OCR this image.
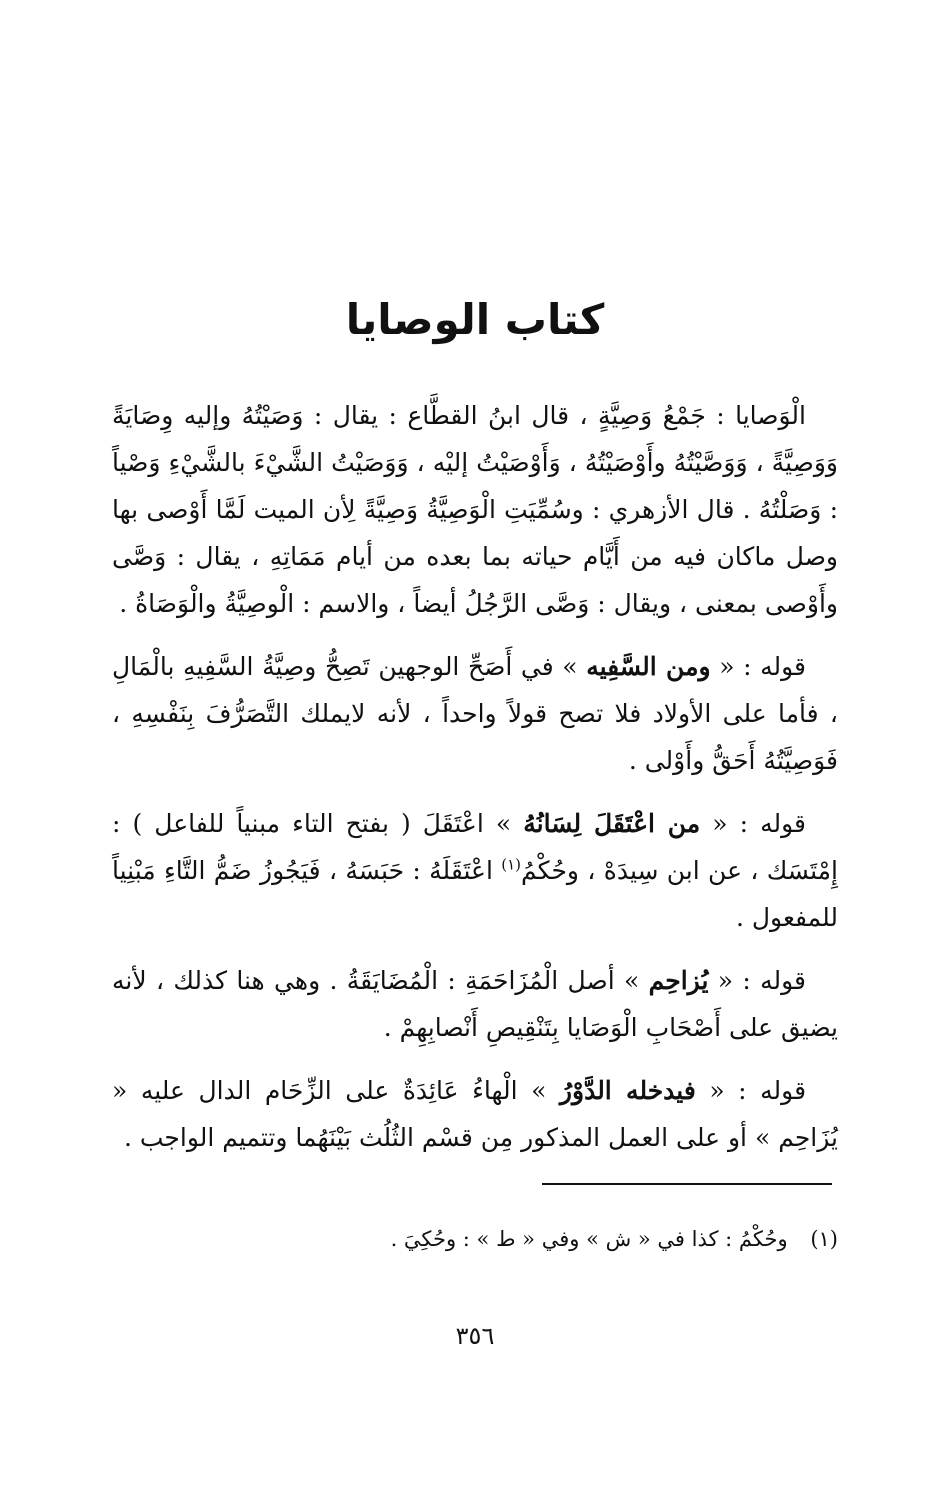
كتاب الوصايا

الْوَصايا : جَمْعُ وَصِيَّةٍ ، قال ابنُ القطَّاع : يقال : وَصَيْتُهُ وإليه وِصَايَةً وَوَصِيَّةً ، وَوَصَّيْتُهُ وأَوْصَيْتُهُ ، وَأَوْصَيْتُ إليْه ، وَوَصَيْتُ الشَّيْءَ بالشَّيْءِ وَصْياً : وَصَلْتُهُ . قال الأزهري : وسُمِّيَتِ الْوَصِيَّةُ وَصِيَّةً لِأن الميت لَمَّا أَوْصى بها وصل ماكان فيه من أَيَّام حياته بما بعده من أيام مَمَاتِهِ ، يقال : وَصَّى وأَوْصى بمعنى ، ويقال : وَصَّى الرَّجُلُ أيضاً ، والاسم : الْوصِيَّةُ والْوَصَاةُ .

قوله : « ومن السَّفِيه » في أَصَحِّ الوجهين تَصِحُّ وصِيَّةُ السَّفِيهِ بالْمَالِ ، فأما على الأولاد فلا تصح قولاً واحداً ، لأنه لايملك التَّصَرُّفَ بِنَفْسِهِ ، فَوَصِيَّتُهُ أَحَقُّ وأَوْلى .

قوله : « من اعْتَقَلَ لِسَانُهُ » اعْتَقَلَ ( بفتح التاء مبنياً للفاعل ) : إِمْتَسَك ، عن ابن سِيدَهْ ، وحُكْمُ$^{(١)}$ اعْتَقَلَهُ : حَبَسَهُ ، فَيَجُوزُ ضَمُّ التَّاءِ مَبْنِياً للمفعول .

قوله : « يُزاحِم » أصل الْمُزَاحَمَةِ : الْمُضَايَقَةُ . وهي هنا كذلك ، لأنه يضيق على أَصْحَابِ الْوَصَايا بِتَنْقِيصِ أَنْصابِهِمْ .

قوله : « فيدخله الدَّوْرُ » الْهاءُ عَائِدَةٌ على الزِّحَام الدال عليه « يُزَاحِم » أو على العمل المذكور مِن قسْم الثُلُث بَيْنَهُما وتتميم الواجب .

(١) وحُكْمُ : كذا في « ش » وفي « ط » : وحُكِيَ .

٣٥٦
